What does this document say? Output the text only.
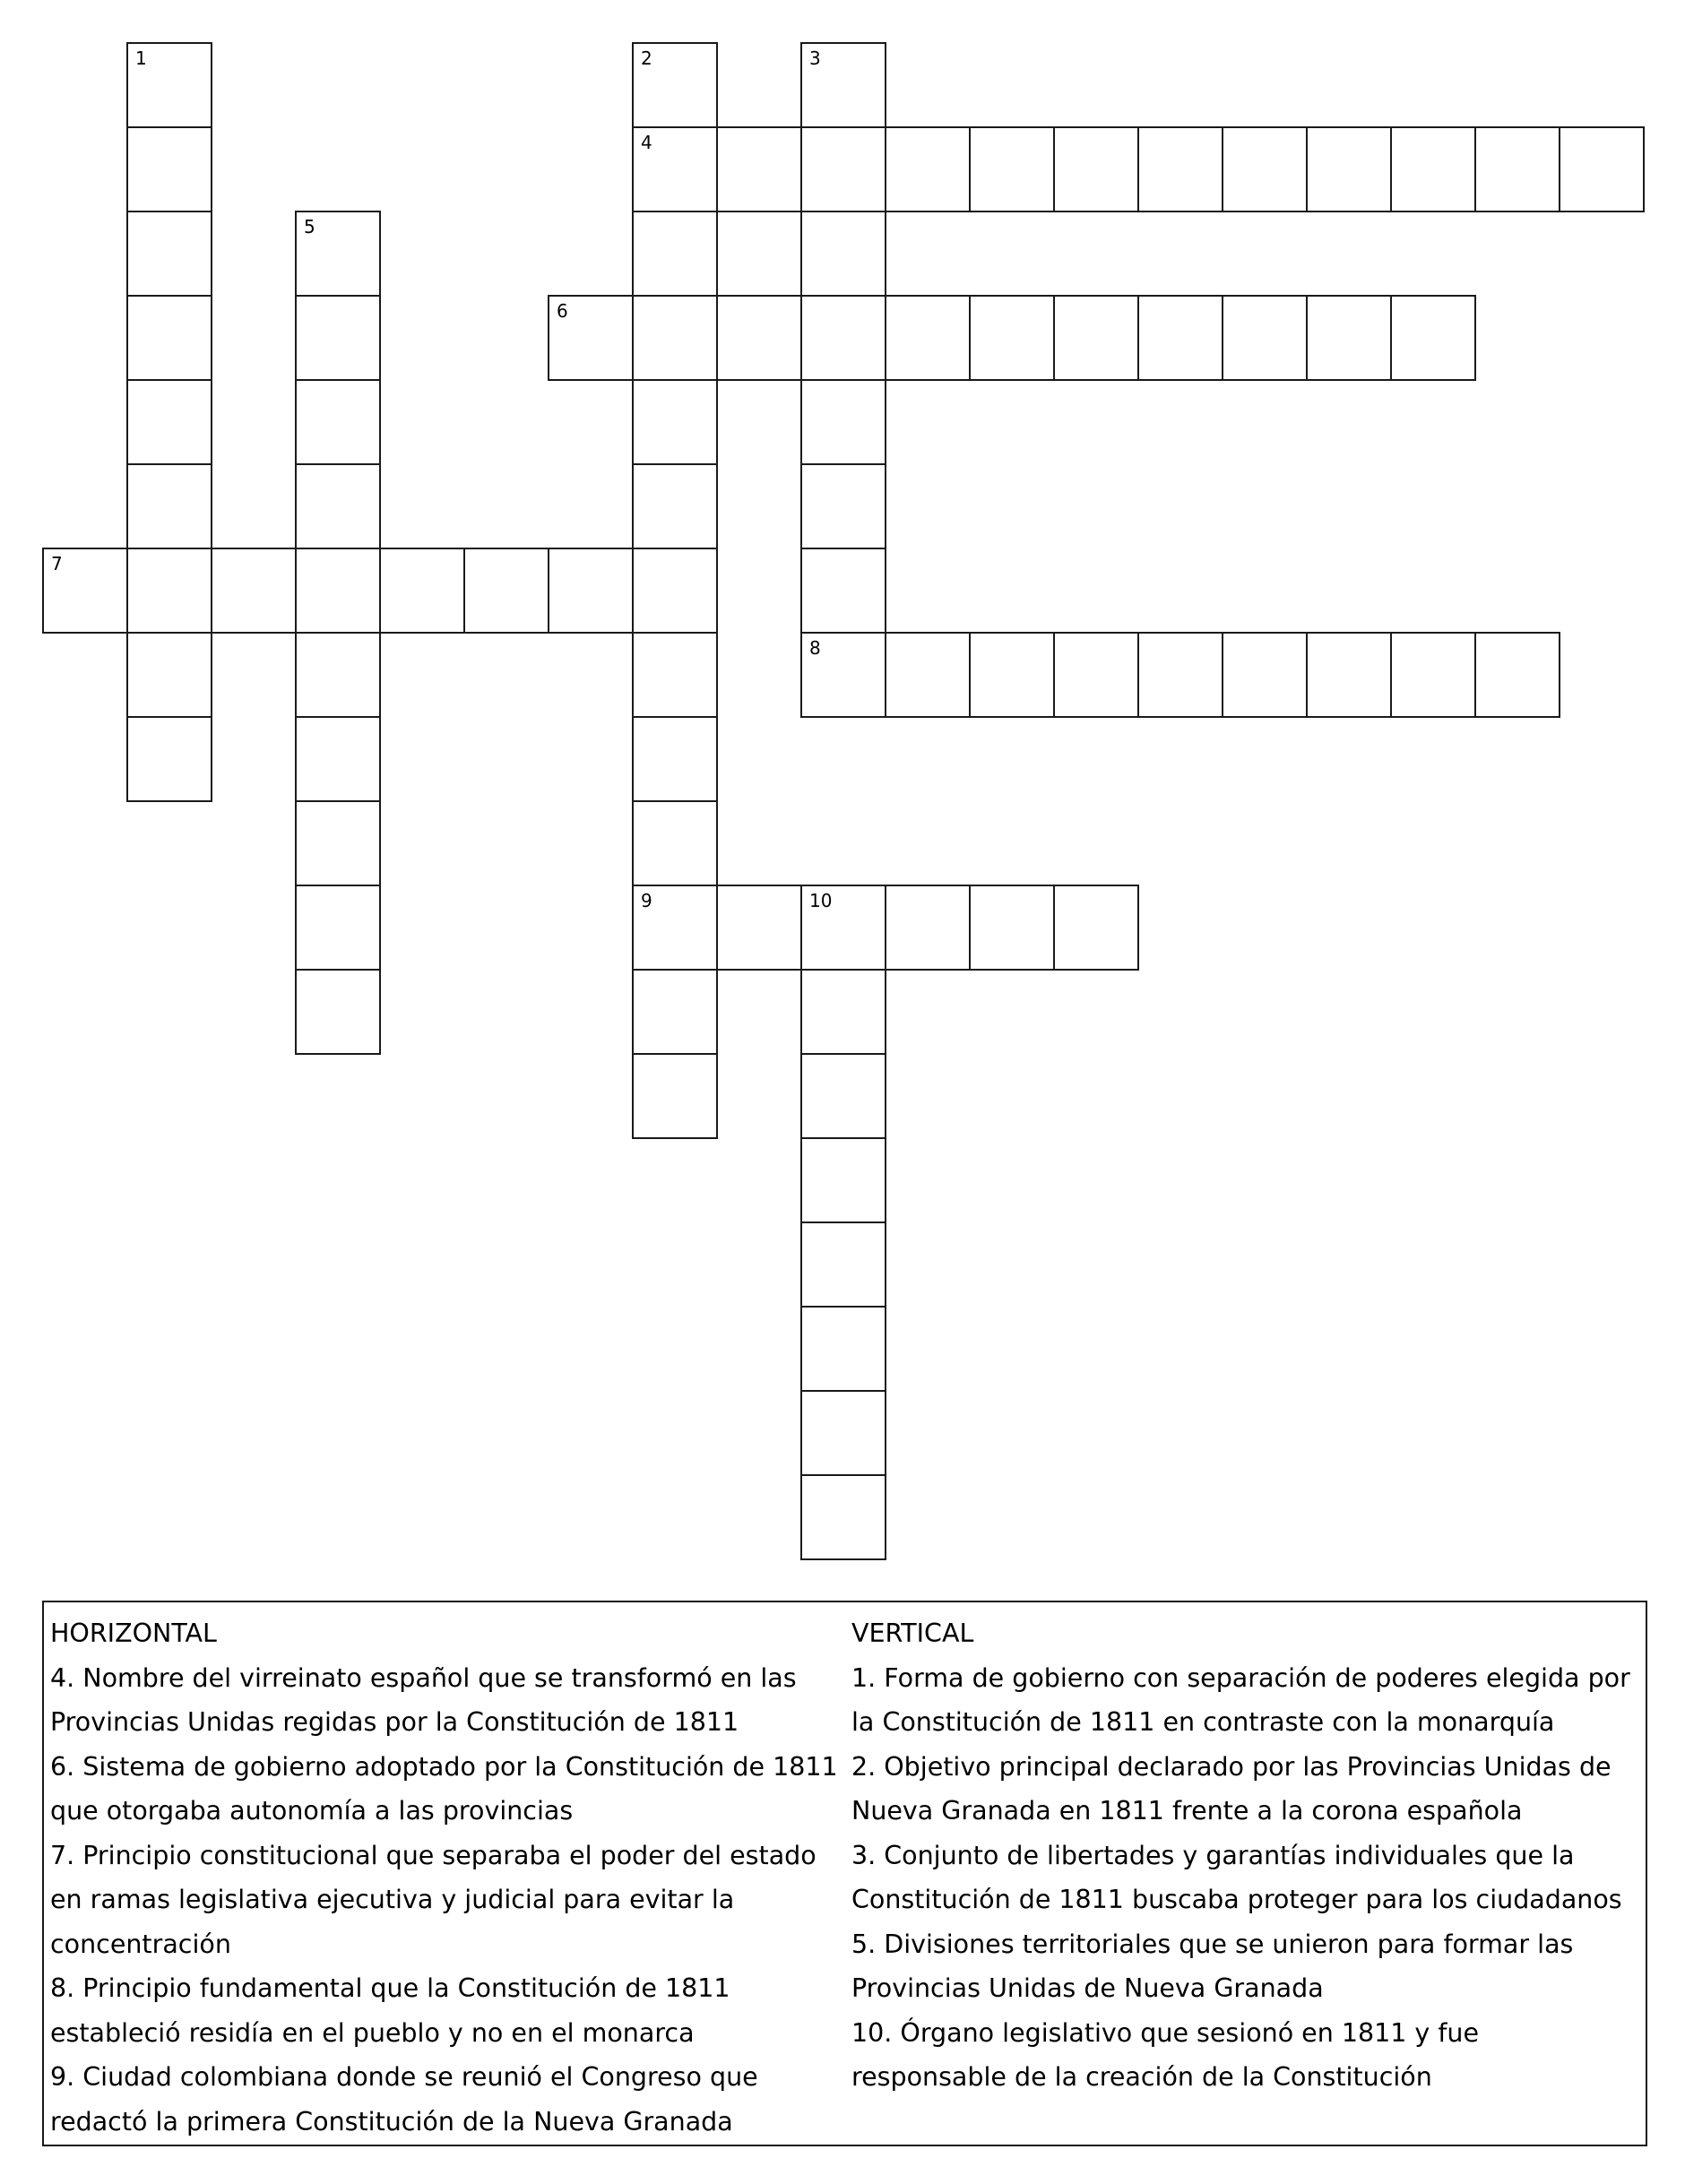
1	2
4
9
3
8
5
6
7
10

HORIZONTAL

4. Nombre del virreinato español que se transformó en las Provincias Unidas regidas por la Constitución de 1811

6. Sistema de gobierno adoptado por la Constitución de 1811 que otorgaba autonomía a las provincias

7. Principio constitucional que separaba el poder del estado en ramas legislativa ejecutiva y judicial para evitar la concentración

8. Principio fundamental que la Constitución de 1811 estableció residía en el pueblo y no en el monarca

9. Ciudad colombiana donde se reunió el Congreso que redactó la primera Constitución de la Nueva Granada

VERTICAL

1. Forma de gobierno con separación de poderes elegida por la Constitución de 1811 en contraste con la monarquía

2. Objetivo principal declarado por las Provincias Unidas de Nueva Granada en 1811 frente a la corona española

3. Conjunto de libertades y garantías individuales que la Constitución de 1811 buscaba proteger para los ciudadanos

5. Divisiones territoriales que se unieron para formar las Provincias Unidas de Nueva Granada

10. Órgano legislativo que sesionó en 1811 y fue responsable de la creación de la Constitución
